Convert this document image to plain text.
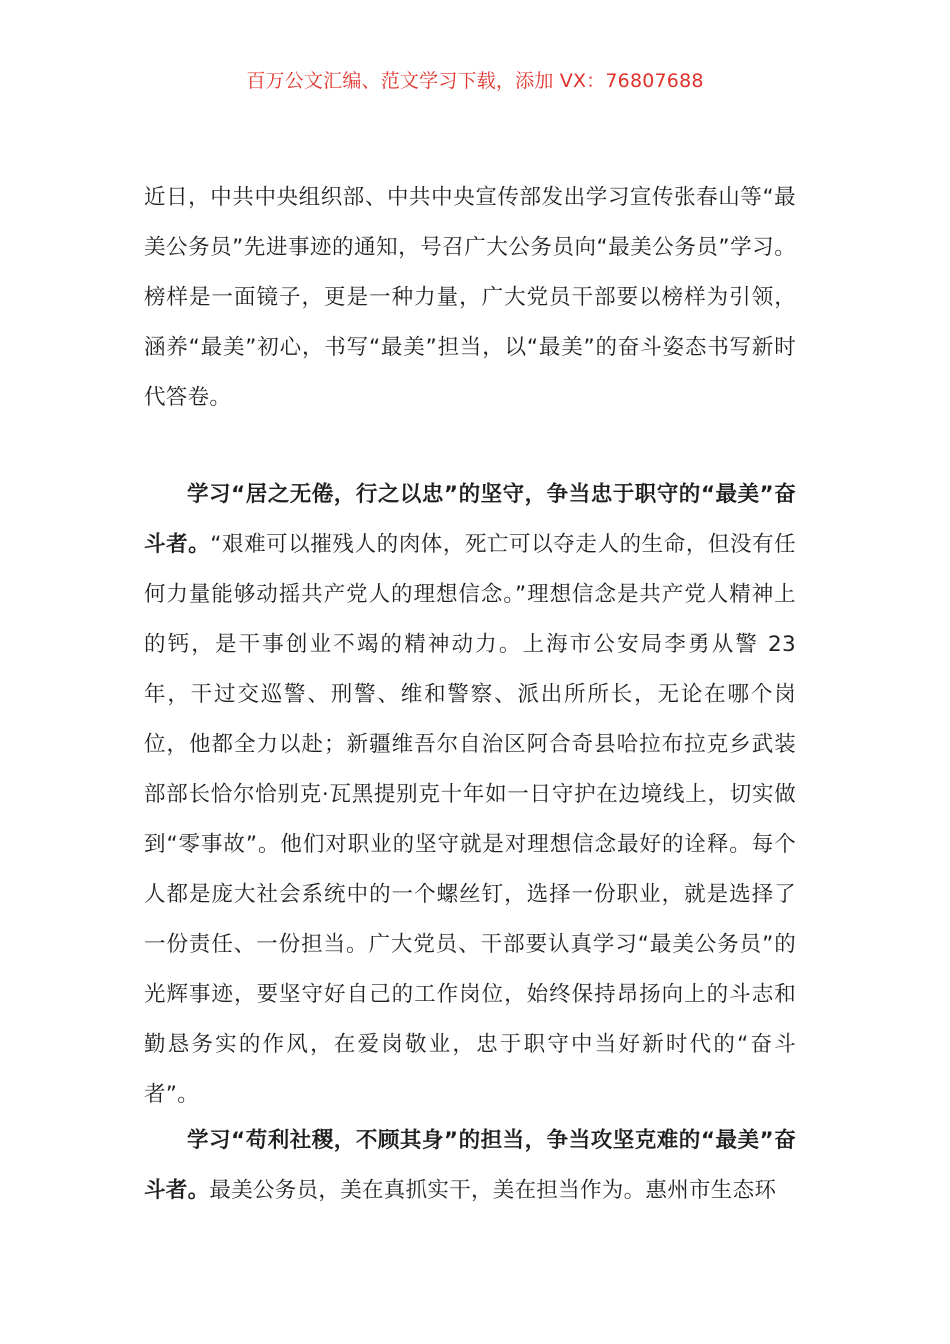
百万公文汇编、范文学习下载，添加 VX：76807688

近日，中共中央组织部、中共中央宣传部发出学习宣传张春山等“最美公务员”先进事迹的通知，号召广大公务员向“最美公务员”学习。榜样是一面镜子，更是一种力量，广大党员干部要以榜样为引领，涵养“最美”初心，书写“最美”担当，以“最美”的奋斗姿态书写新时代答卷。

学习“居之无倦，行之以忠”的坚守，争当忠于职守的“最美”奋斗者。“艰难可以摧残人的肉体，死亡可以夺走人的生命，但没有任何力量能够动摇共产党人的理想信念。”理想信念是共产党人精神上的钙，是干事创业不竭的精神动力。上海市公安局李勇从警 23 年，干过交巡警、刑警、维和警察、派出所所长，无论在哪个岗位，他都全力以赴；新疆维吾尔自治区阿合奇县哈拉布拉克乡武装部部长恰尔恰别克·瓦黑提别克十年如一日守护在边境线上，切实做到“零事故”。他们对职业的坚守就是对理想信念最好的诠释。每个人都是庞大社会系统中的一个螺丝钉，选择一份职业，就是选择了一份责任、一份担当。广大党员、干部要认真学习“最美公务员”的光辉事迹，要坚守好自己的工作岗位，始终保持昂扬向上的斗志和勤恳务实的作风，在爱岗敬业，忠于职守中当好新时代的“奋斗者”。

学习“苟利社稷，不顾其身”的担当，争当攻坚克难的“最美”奋斗者。最美公务员，美在真抓实干，美在担当作为。惠州市生态环
